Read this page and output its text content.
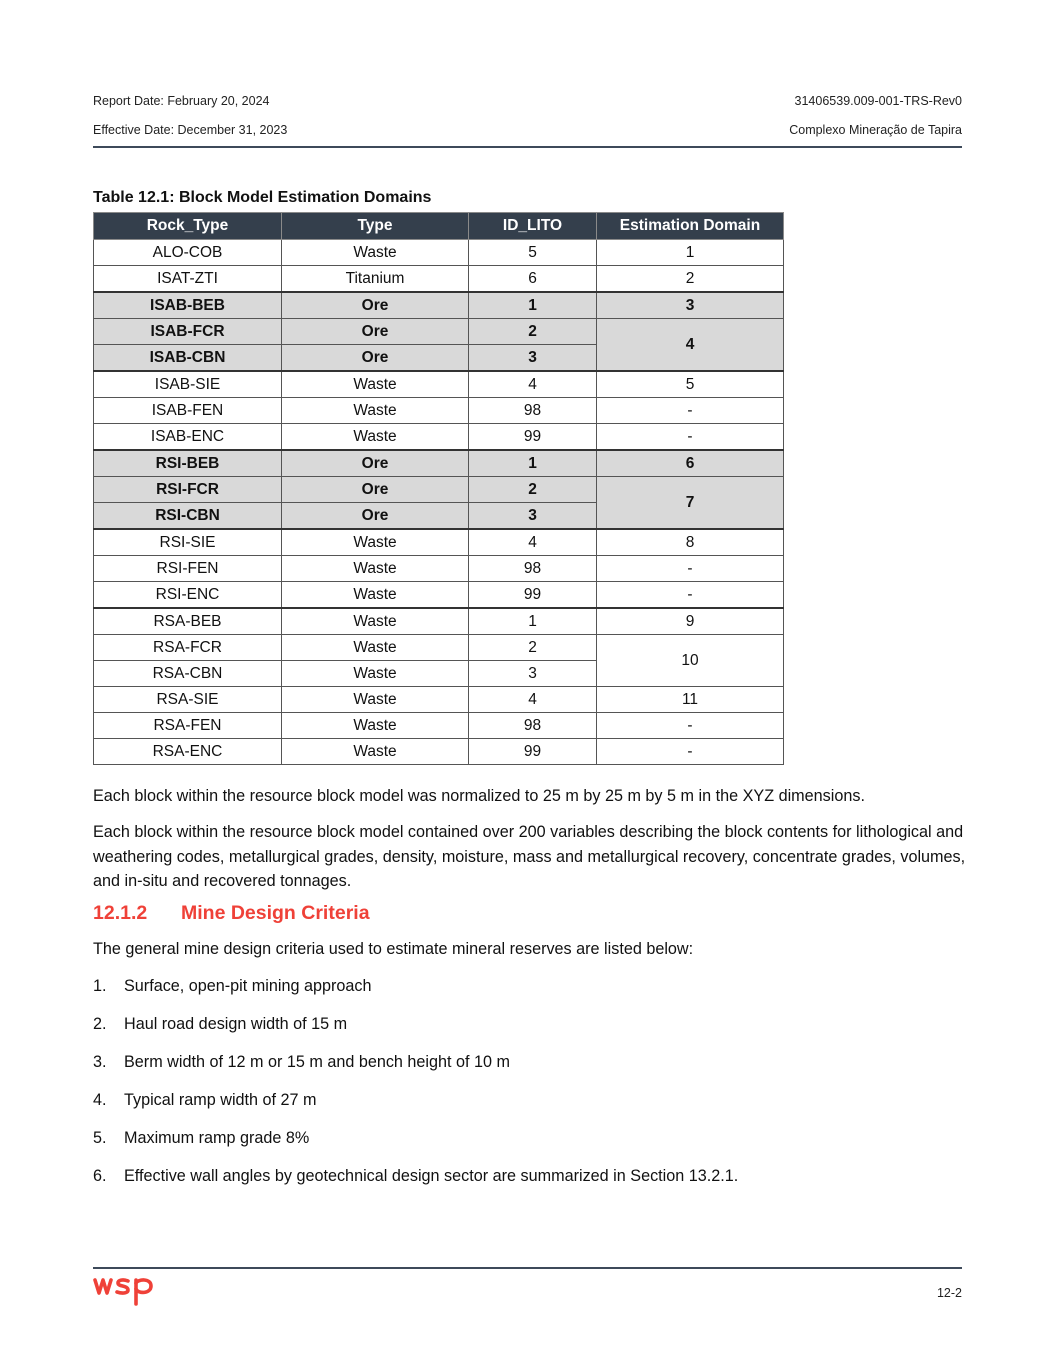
Report Date: February 20, 2024
Effective Date: December 31, 2023
31406539.009-001-TRS-Rev0
Complexo Mineração de Tapira
Table 12.1: Block Model Estimation Domains
Rock_Type	Type	ID_LITO	Estimation Domain
ALO-COB	Waste	5	1
ISAT-ZTI	Titanium	6	2
ISAB-BEB	Ore	1	3
ISAB-FCR	Ore	2	4
ISAB-CBN	Ore	3	
ISAB-SIE	Waste	4	5
ISAB-FEN	Waste	98	-
ISAB-ENC	Waste	99	-
RSI-BEB	Ore	1	6
RSI-FCR	Ore	2	7
RSI-CBN	Ore	3	
RSI-SIE	Waste	4	8
RSI-FEN	Waste	98	-
RSI-ENC	Waste	99	-
RSA-BEB	Waste	1	9
RSA-FCR	Waste	2	10
RSA-CBN	Waste	3	
RSA-SIE	Waste	4	11
RSA-FEN	Waste	98	-
RSA-ENC	Waste	99	-
Each block within the resource block model was normalized to 25 m by 25 m by 5 m in the XYZ dimensions.
Each block within the resource block model contained over 200 variables describing the block contents for lithological and weathering codes, metallurgical grades, density, moisture, mass and metallurgical recovery, concentrate grades, volumes, and in-situ and recovered tonnages.
12.1.2 Mine Design Criteria
The general mine design criteria used to estimate mineral reserves are listed below:
1. Surface, open-pit mining approach
2. Haul road design width of 15 m
3. Berm width of 12 m or 15 m and bench height of 10 m
4. Typical ramp width of 27 m
5. Maximum ramp grade 8%
6. Effective wall angles by geotechnical design sector are summarized in Section 13.2.1.
12-2
